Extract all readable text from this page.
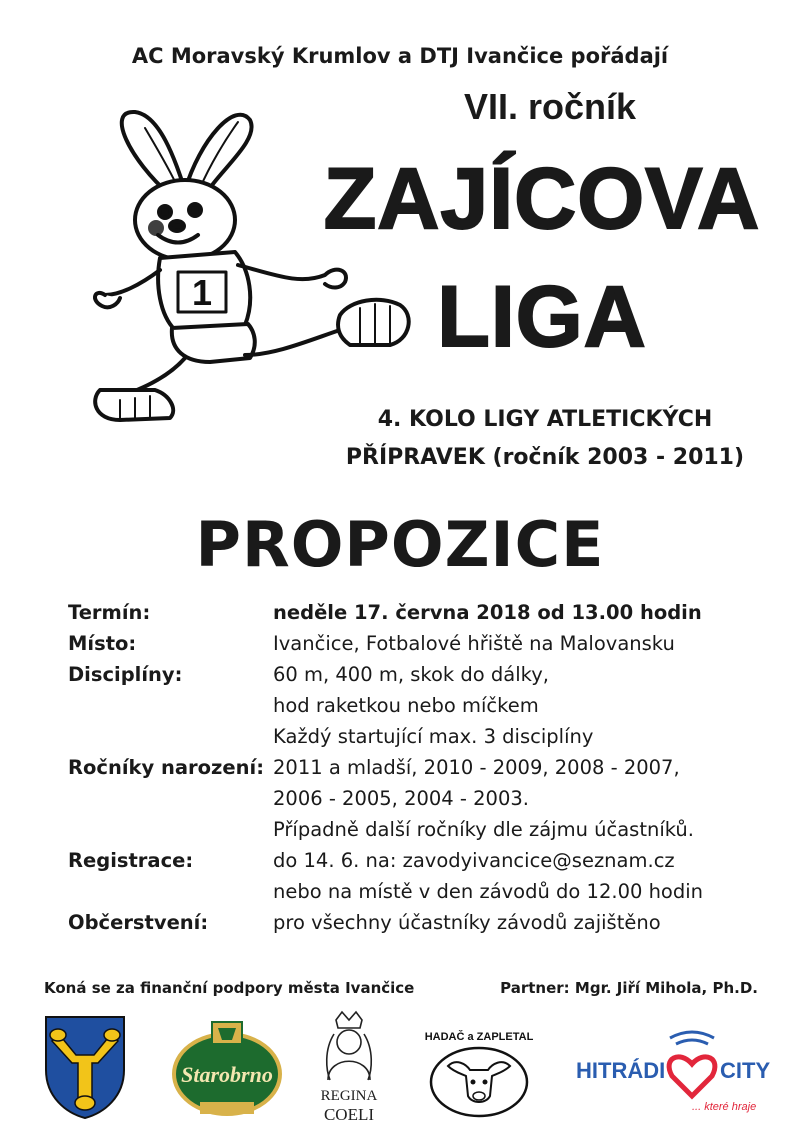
AC Moravský Krumlov a DTJ Ivančice pořádají
VII. ročník
ZAJÍCOVA
LIGA
1
4. KOLO LIGY ATLETICKÝCH
PŘÍPRAVEK (ročník 2003 - 2011)
PROPOZICE
Termín:	neděle 17. června 2018 od 13.00 hodin
Místo:	Ivančice, Fotbalové hřiště na Malovansku
Disciplíny:	60 m, 400 m, skok do dálky,
hod raketkou nebo míčkem
Každý startující max. 3 disciplíny
Ročníky narození: 2011 a mladší, 2010 - 2009, 2008 - 2007,
2006 - 2005, 2004 - 2003.
Případně další ročníky dle zájmu účastníků.
Registrace:	do 14. 6. na: zavodyivancice@seznam.cz
nebo na místě v den závodů do 12.00 hodin
Občerstvení:	pro všechny účastníky závodů zajištěno
Koná se za finanční podpory města Ivančice	Partner: Mgr. Jiří Mihola, Ph.D.
Starobrno
REGINA
COELI
HADAČ a ZAPLETAL
HITRÁDI CITY
... které hraje
